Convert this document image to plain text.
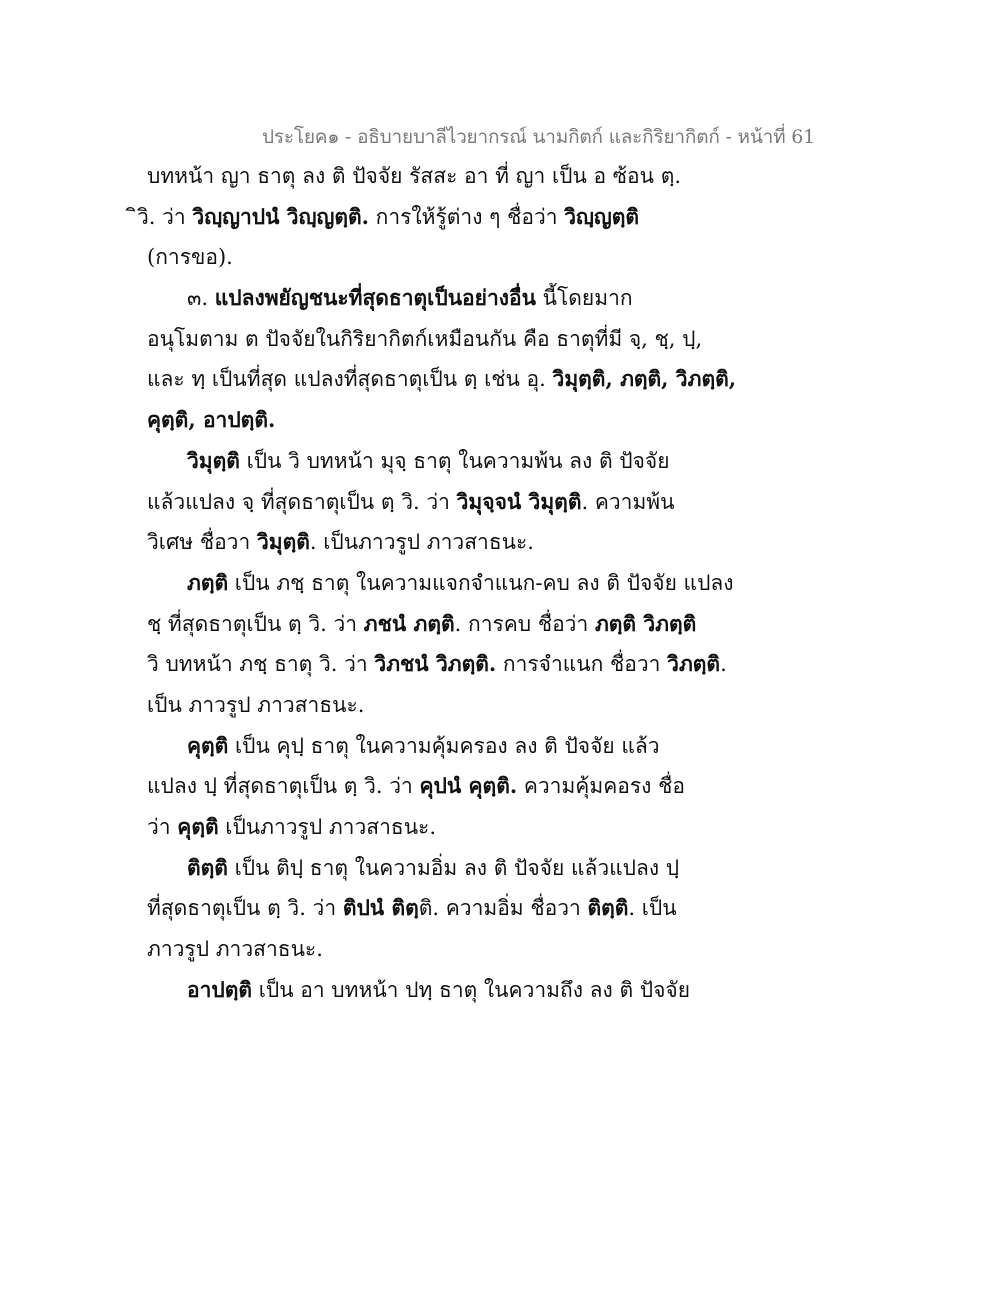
ประโยค๑ - อธิบายบาลีไวยากรณ์ นามกิตก์ และกิริยากิตก์ - หน้าที่ 61
บทหน้า ญา ธาตุ ลง ติ ปัจจัย รัสสะ อา ที่ ญา เป็น อ ซ้อน ตฺ.
ิวิ. ว่า วิญฺญาปนํ วิญฺญตฺติ. การให้รู้ต่าง ๆ ชื่อว่า วิญฺญตฺติ
(การขอ).
๓. แปลงพยัญชนะที่สุดธาตุเป็นอย่างอื่น นี้โดยมาก
อนุโมตาม ต ปัจจัยในกิริยากิตก์เหมือนกัน คือ ธาตุที่มี จฺ, ชฺ, ปฺ,
และ ทฺ เป็นที่สุด แปลงที่สุดธาตุเป็น ตฺ เช่น อุ. วิมุตฺติ, ภตฺติ, วิภตฺติ,
คุตฺติ, อาปตฺติ.
วิมุตฺติ เป็น วิ บทหน้า มุจฺ ธาตุ ในความพ้น ลง ติ ปัจจัย
แล้วแปลง จฺ ที่สุดธาตุเป็น ตฺ วิ. ว่า วิมุจฺจนํ วิมุตฺติ. ความพ้น
วิเศษ ชื่อวา วิมุตฺติ. เป็นภาวรูป ภาวสาธนะ.
ภตฺติ เป็น ภชฺ ธาตุ ในความแจกจำแนก-คบ ลง ติ ปัจจัย แปลง
ชฺ ที่สุดธาตุเป็น ตฺ วิ. ว่า ภชนํ ภตฺติ. การคบ ชื่อว่า ภตฺติ วิภตฺติ
วิ บทหน้า ภชฺ ธาตุ วิ. ว่า วิภชนํ วิภตฺติ. การจำแนก ชื่อวา วิภตฺติ.
เป็น ภาวรูป ภาวสาธนะ.
คุตฺติ เป็น คุปฺ ธาตุ ในความคุ้มครอง ลง ติ ปัจจัย แล้ว
แปลง ปฺ ที่สุดธาตุเป็น ตฺ วิ. ว่า คุปนํ คุตฺติ. ความคุ้มคอรง ชื่อ
ว่า คุตฺติ เป็นภาวรูป ภาวสาธนะ.
ติตฺติ เป็น ติปฺ ธาตุ ในความอิ่ม ลง ติ ปัจจัย แล้วแปลง ปฺ
ที่สุดธาตุเป็น ตฺ วิ. ว่า ติปนํ ติตฺติ. ความอิ่ม ชื่อวา ติตฺติ. เป็น
ภาวรูป ภาวสาธนะ.
อาปตฺติ เป็น อา บทหน้า ปทฺ ธาตุ ในความถึง ลง ติ ปัจจัย
